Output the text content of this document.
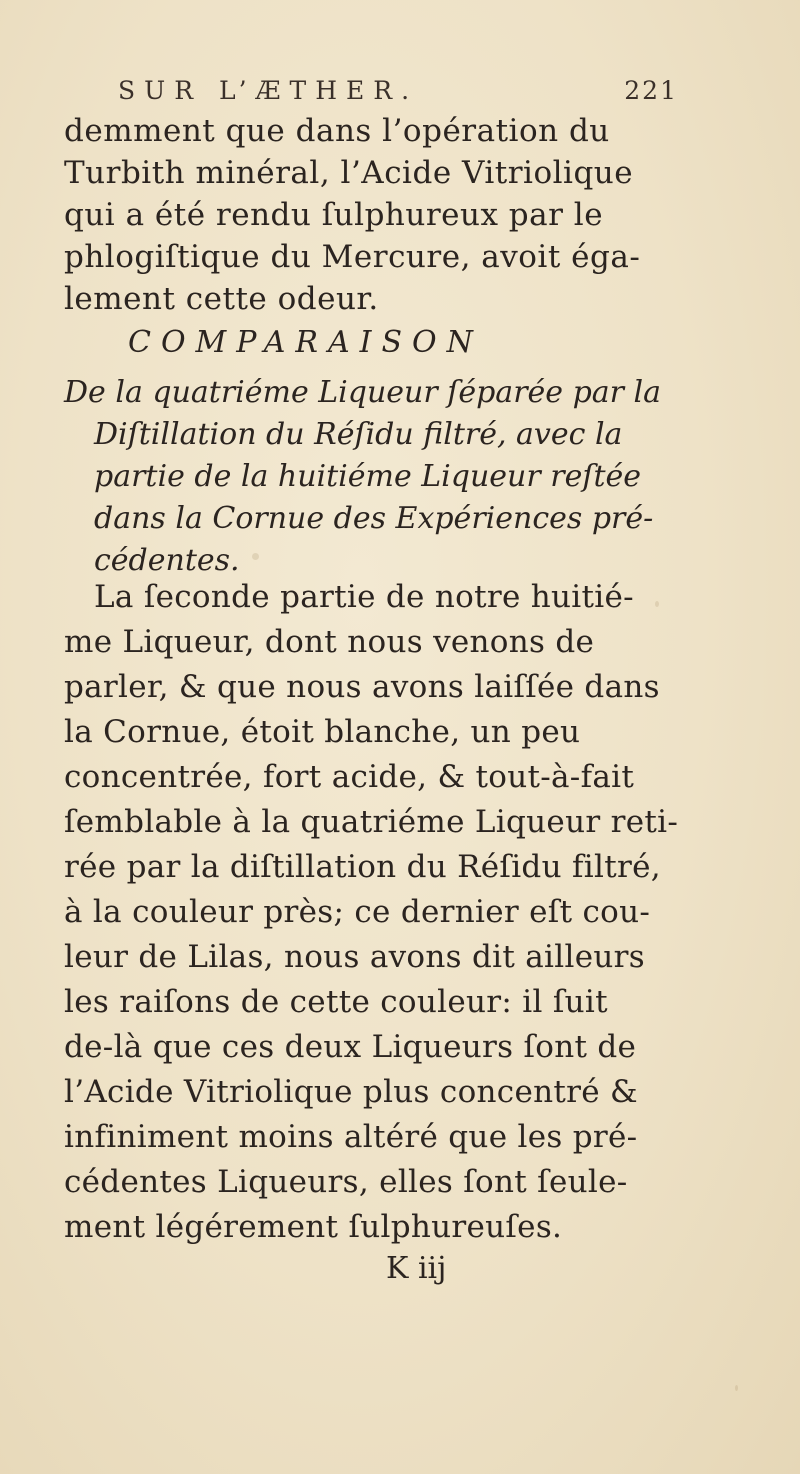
SUR L’ÆTHER.	221
demment que dans l’opération du
Turbith minéral, l’Acide Vitriolique
qui a été rendu ſulphureux par le
phlogiſtique du Mercure, avoit éga-
lement cette odeur.
COMPARAISON
De la quatriéme Liqueur ſéparée par la
Diſtillation du Réſidu filtré, avec la
partie de la huitiéme Liqueur reſtée
dans la Cornue des Expériences pré-
cédentes.
La ſeconde partie de notre huitié-
me Liqueur, dont nous venons de
parler, & que nous avons laiſſée dans
la Cornue, étoit blanche, un peu
concentrée, fort acide, & tout-à-fait
ſemblable à la quatriéme Liqueur reti-
rée par la diſtillation du Réſidu filtré,
à la couleur près; ce dernier eſt cou-
leur de Lilas, nous avons dit ailleurs
les raiſons de cette couleur: il ſuit
de-là que ces deux Liqueurs ſont de
l’Acide Vitriolique plus concentré &
infiniment moins altéré que les pré-
cédentes Liqueurs, elles ſont ſeule-
ment légérement ſulphureuſes.
K iij
